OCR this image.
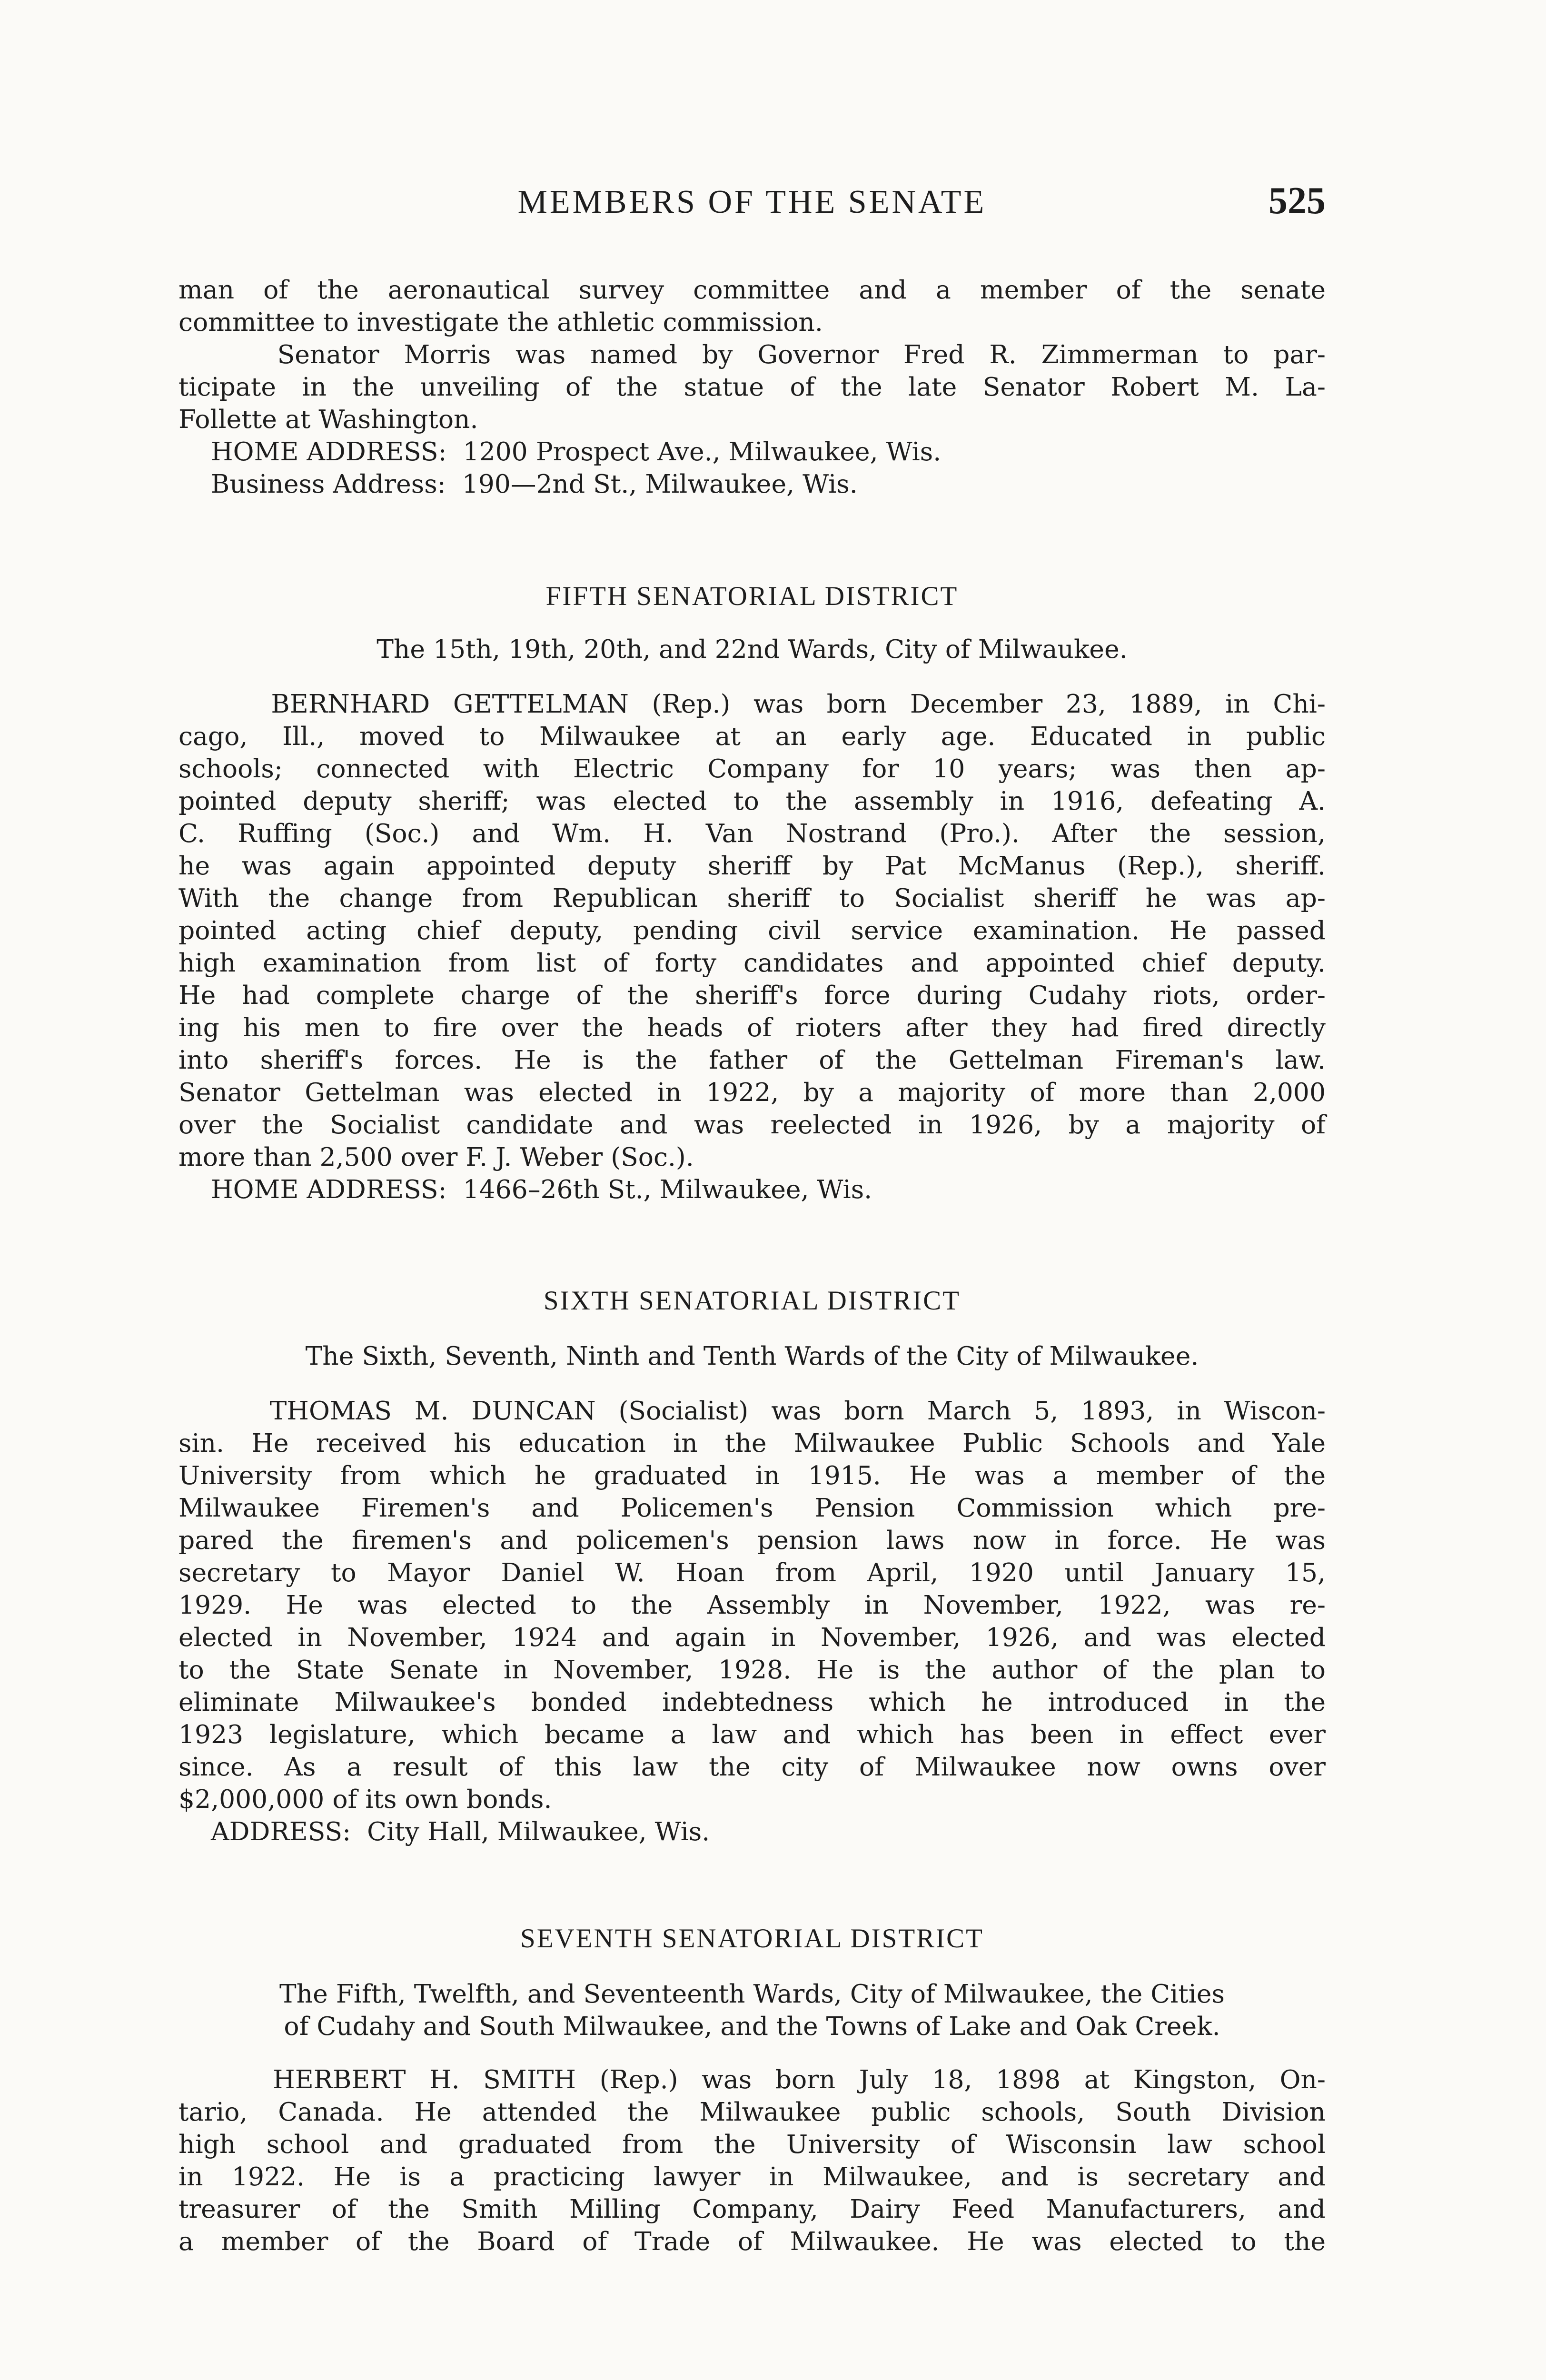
MEMBERS OF THE SENATE	525
man of the aeronautical survey committee and a member of the senate
committee to investigate the athletic commission.
Senator Morris was named by Governor Fred R. Zimmerman to par-
ticipate in the unveiling of the statue of the late Senator Robert M. La-
Follette at Washington.
HOME ADDRESS:  1200 Prospect Ave., Milwaukee, Wis.
Business Address:  190—2nd St., Milwaukee, Wis.
FIFTH SENATORIAL DISTRICT
The 15th, 19th, 20th, and 22nd Wards, City of Milwaukee.
BERNHARD GETTELMAN (Rep.) was born December 23, 1889, in Chi-
cago, Ill., moved to Milwaukee at an early age. Educated in public
schools; connected with Electric Company for 10 years; was then ap-
pointed deputy sheriff; was elected to the assembly in 1916, defeating A.
C. Ruffing (Soc.) and Wm. H. Van Nostrand (Pro.). After the session,
he was again appointed deputy sheriff by Pat McManus (Rep.), sheriff.
With the change from Republican sheriff to Socialist sheriff he was ap-
pointed acting chief deputy, pending civil service examination. He passed
high examination from list of forty candidates and appointed chief deputy.
He had complete charge of the sheriff's force during Cudahy riots, order-
ing his men to fire over the heads of rioters after they had fired directly
into sheriff's forces. He is the father of the Gettelman Fireman's law.
Senator Gettelman was elected in 1922, by a majority of more than 2,000
over the Socialist candidate and was reelected in 1926, by a majority of
more than 2,500 over F. J. Weber (Soc.).
HOME ADDRESS:  1466–26th St., Milwaukee, Wis.
SIXTH SENATORIAL DISTRICT
The Sixth, Seventh, Ninth and Tenth Wards of the City of Milwaukee.
THOMAS M. DUNCAN (Socialist) was born March 5, 1893, in Wiscon-
sin. He received his education in the Milwaukee Public Schools and Yale
University from which he graduated in 1915. He was a member of the
Milwaukee Firemen's and Policemen's Pension Commission which pre-
pared the firemen's and policemen's pension laws now in force. He was
secretary to Mayor Daniel W. Hoan from April, 1920 until January 15,
1929. He was elected to the Assembly in November, 1922, was re-
elected in November, 1924 and again in November, 1926, and was elected
to the State Senate in November, 1928. He is the author of the plan to
eliminate Milwaukee's bonded indebtedness which he introduced in the
1923 legislature, which became a law and which has been in effect ever
since. As a result of this law the city of Milwaukee now owns over
$2,000,000 of its own bonds.
ADDRESS:  City Hall, Milwaukee, Wis.
SEVENTH SENATORIAL DISTRICT
The Fifth, Twelfth, and Seventeenth Wards, City of Milwaukee, the Cities
of Cudahy and South Milwaukee, and the Towns of Lake and Oak Creek.
HERBERT H. SMITH (Rep.) was born July 18, 1898 at Kingston, On-
tario, Canada. He attended the Milwaukee public schools, South Division
high school and graduated from the University of Wisconsin law school
in 1922. He is a practicing lawyer in Milwaukee, and is secretary and
treasurer of the Smith Milling Company, Dairy Feed Manufacturers, and
a member of the Board of Trade of Milwaukee. He was elected to the
